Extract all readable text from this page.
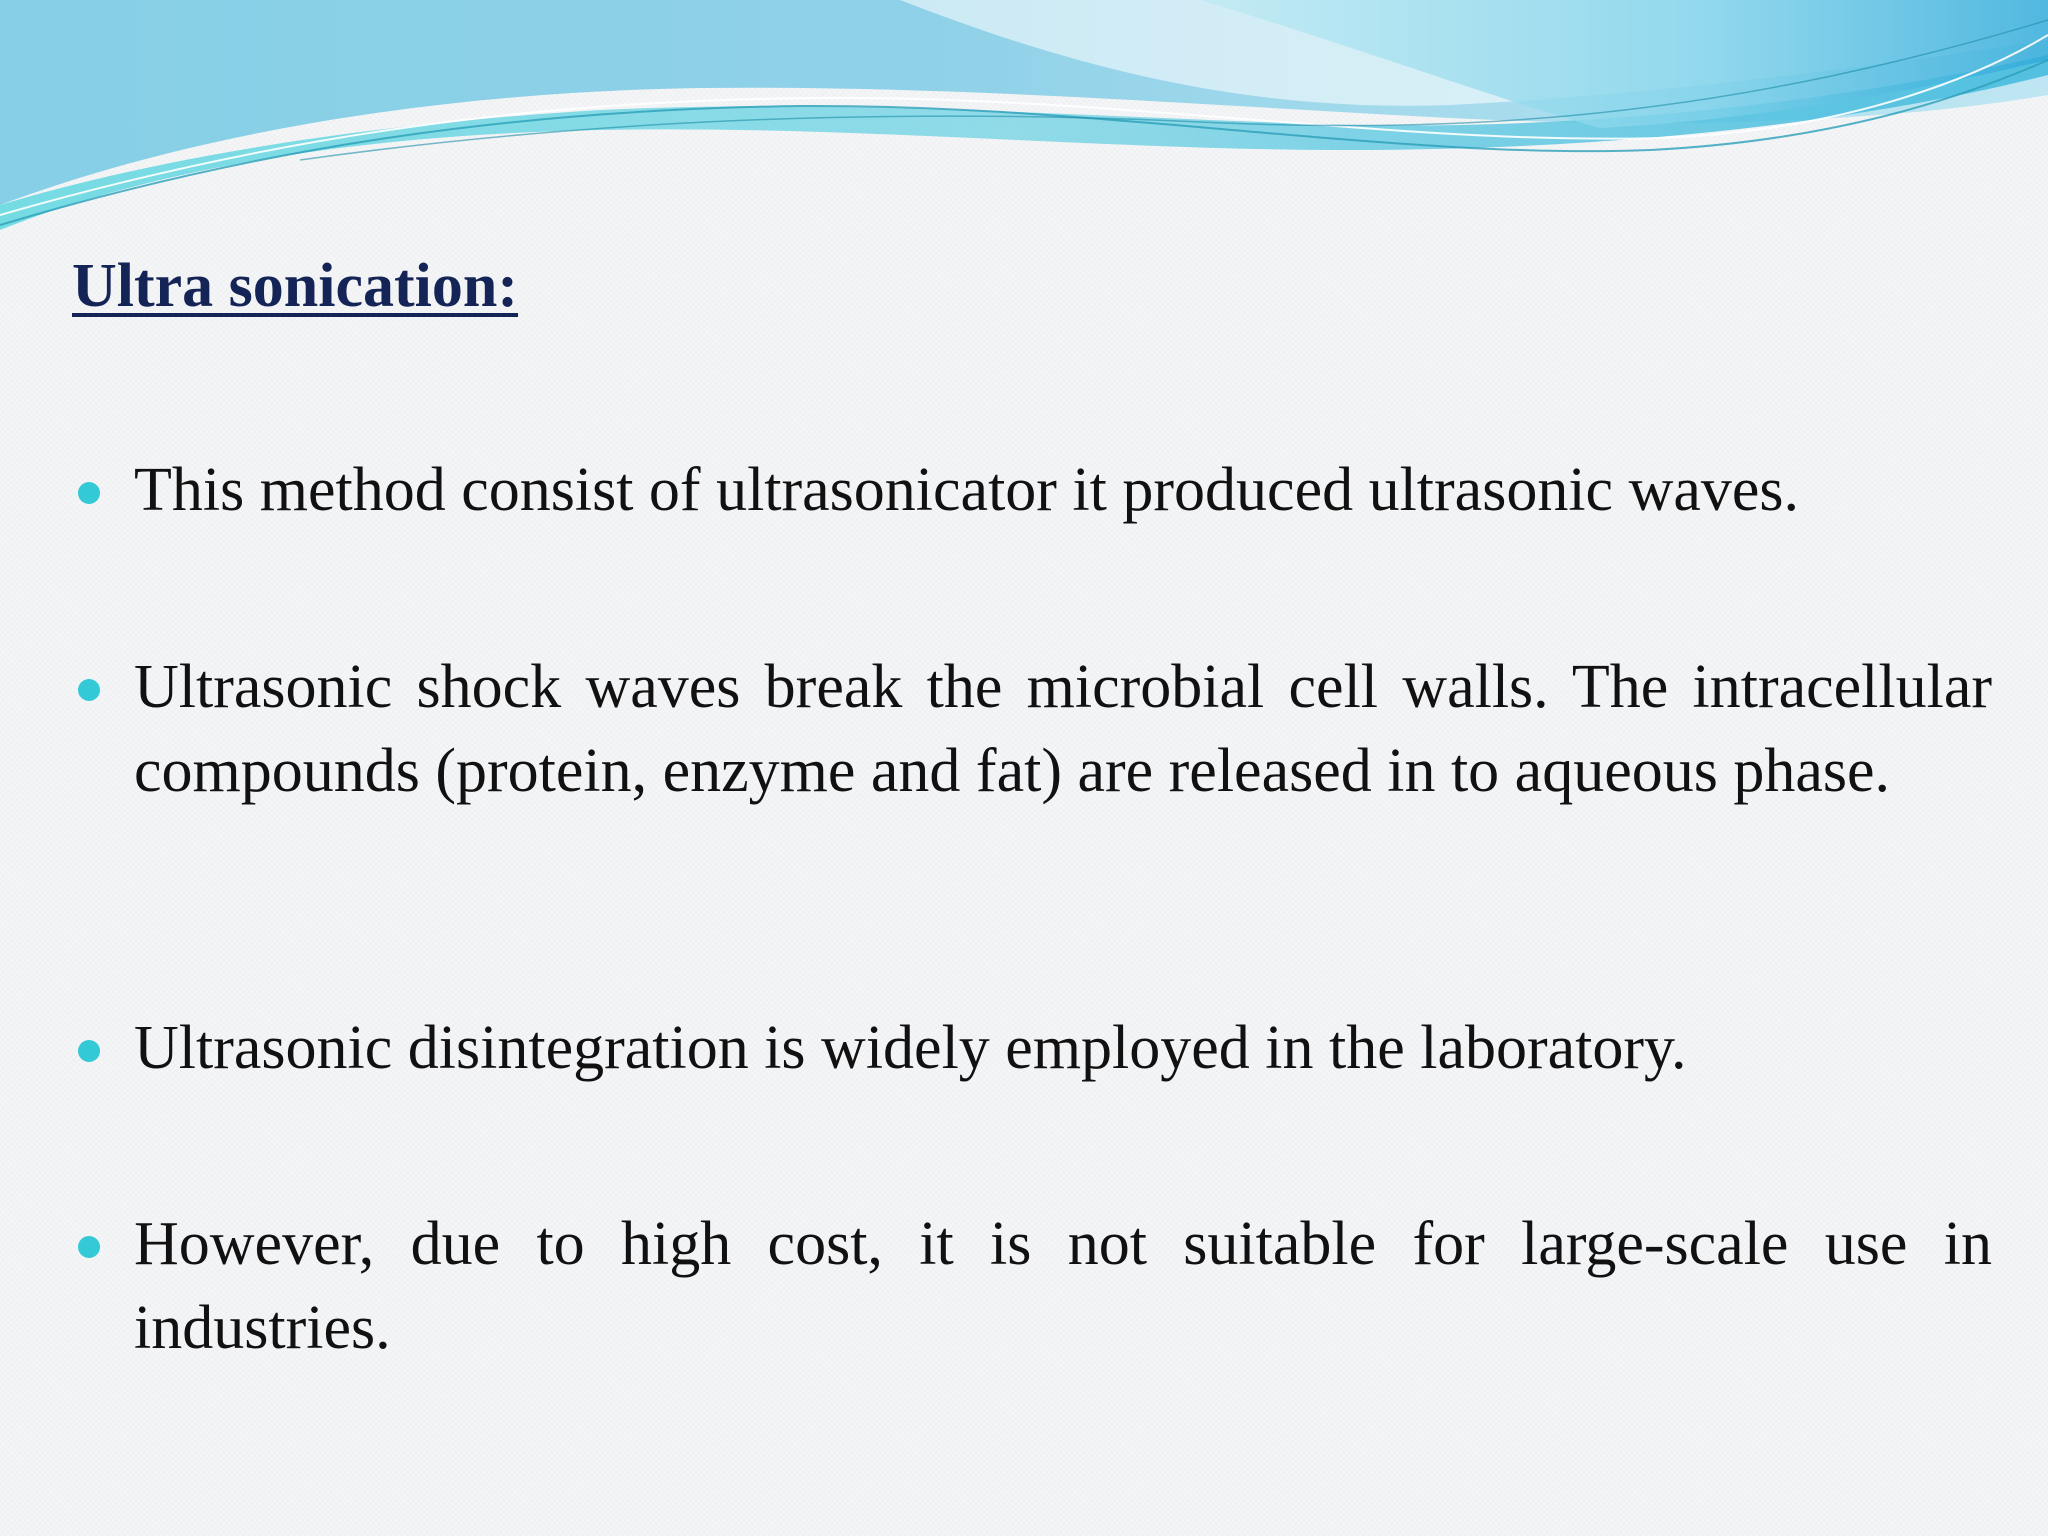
Ultra sonication:
This method consist of ultrasonicator it produced ultrasonic waves.
Ultrasonic shock waves break the microbial cell walls. The intracellular compounds (protein, enzyme and fat) are released in to aqueous phase.
Ultrasonic disintegration is widely employed in the laboratory.
However, due to high cost, it is not suitable for large-scale use in industries.
